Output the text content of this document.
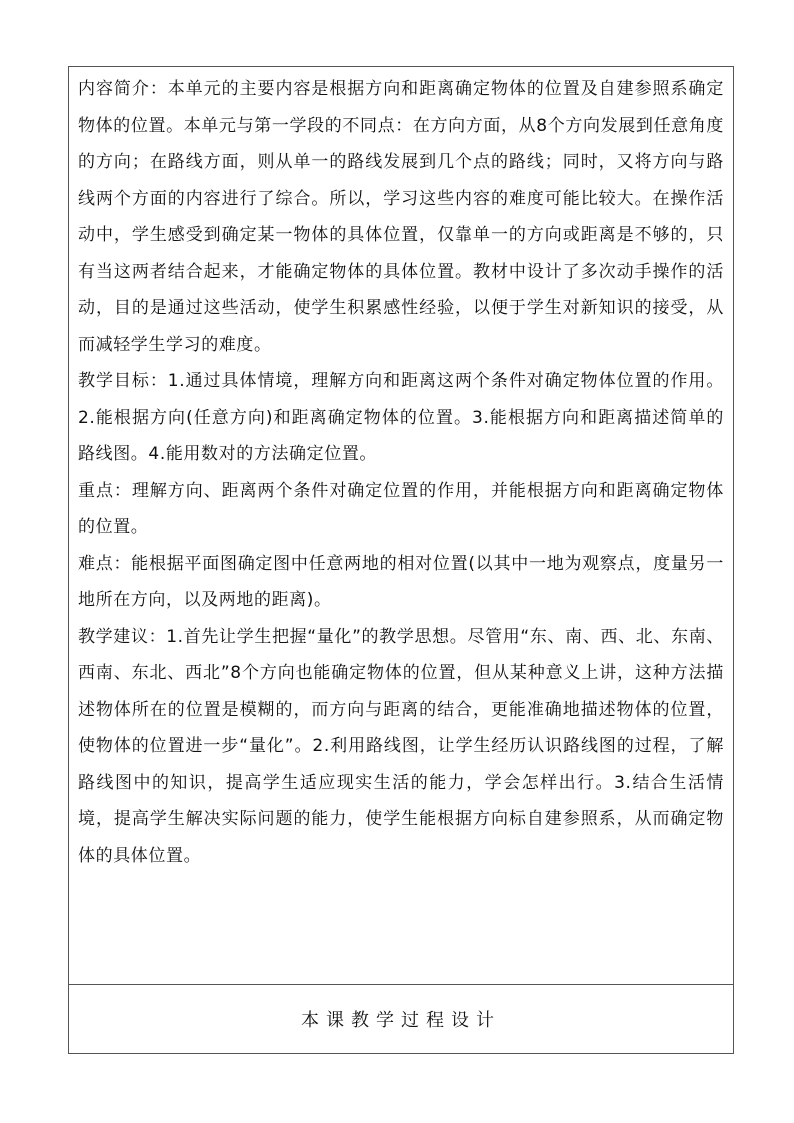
内容简介：本单元的主要内容是根据方向和距离确定物体的位置及自建参照系确定物体的位置。本单元与第一学段的不同点：在方向方面，从8个方向发展到任意角度的方向；在路线方面，则从单一的路线发展到几个点的路线；同时，又将方向与路线两个方面的内容进行了综合。所以，学习这些内容的难度可能比较大。在操作活动中，学生感受到确定某一物体的具体位置，仅靠单一的方向或距离是不够的，只有当这两者结合起来，才能确定物体的具体位置。教材中设计了多次动手操作的活动，目的是通过这些活动，使学生积累感性经验，以便于学生对新知识的接受，从而减轻学生学习的难度。

教学目标：1.通过具体情境，理解方向和距离这两个条件对确定物体位置的作用。2.能根据方向(任意方向)和距离确定物体的位置。3.能根据方向和距离描述简单的路线图。4.能用数对的方法确定位置。

重点：理解方向、距离两个条件对确定位置的作用，并能根据方向和距离确定物体的位置。

难点：能根据平面图确定图中任意两地的相对位置(以其中一地为观察点，度量另一地所在方向，以及两地的距离)。

教学建议：1.首先让学生把握“量化”的教学思想。尽管用“东、南、西、北、东南、西南、东北、西北”8个方向也能确定物体的位置，但从某种意义上讲，这种方法描述物体所在的位置是模糊的，而方向与距离的结合，更能准确地描述物体的位置，使物体的位置进一步“量化”。2.利用路线图，让学生经历认识路线图的过程，了解路线图中的知识，提高学生适应现实生活的能力，学会怎样出行。3.结合生活情境，提高学生解决实际问题的能力，使学生能根据方向标自建参照系，从而确定物体的具体位置。

本课教学过程设计
